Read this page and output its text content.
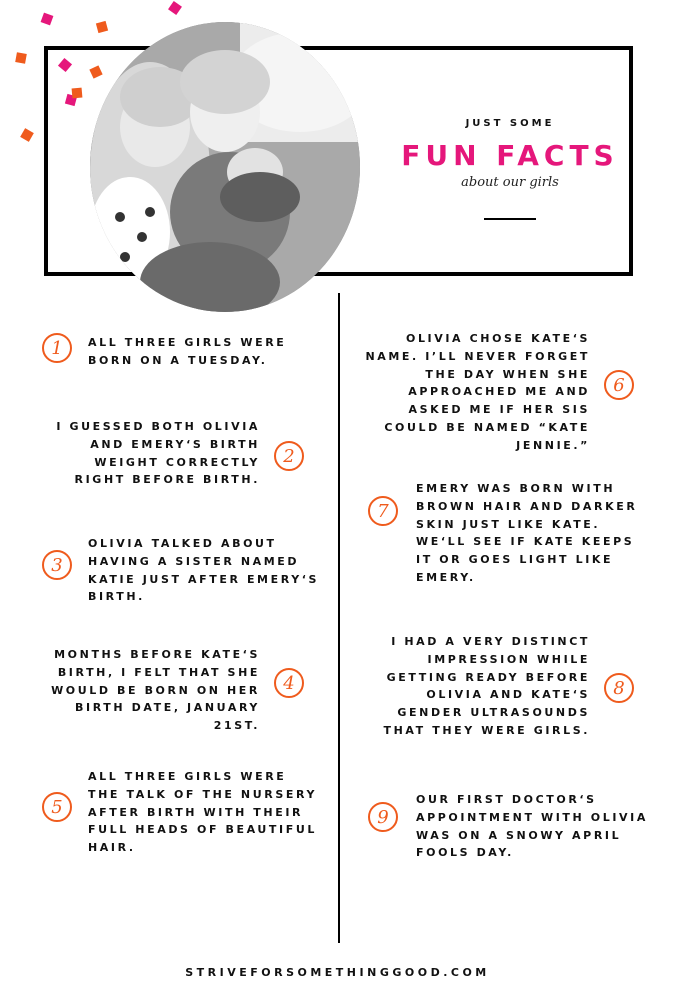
JUST SOME
FUN FACTS
about our girls
1	ALL THREE GIRLS WERE BORN ON A TUESDAY.
2
I GUESSED BOTH OLIVIA AND EMERY‘S BIRTH WEIGHT CORRECTLY RIGHT BEFORE BIRTH.
3
OLIVIA TALKED ABOUT HAVING A SISTER NAMED KATIE JUST AFTER EMERY‘S BIRTH.
4
MONTHS BEFORE KATE‘S BIRTH, I FELT THAT SHE WOULD BE BORN ON HER BIRTH DATE, JANUARY 21ST.
5
ALL THREE GIRLS WERE THE TALK OF THE NURSERY AFTER BIRTH WITH THEIR FULL HEADS OF BEAUTIFUL HAIR.
6
OLIVIA CHOSE KATE‘S NAME. I’LL NEVER FORGET THE DAY WHEN SHE APPROACHED ME AND ASKED ME IF HER SIS COULD BE NAMED “KATE JENNIE.”
7
EMERY WAS BORN WITH BROWN HAIR AND DARKER SKIN JUST LIKE KATE. WE‘LL SEE IF KATE KEEPS IT OR GOES LIGHT LIKE EMERY.
8
I HAD A VERY DISTINCT IMPRESSION WHILE GETTING READY BEFORE OLIVIA AND KATE‘S GENDER ULTRASOUNDS THAT THEY WERE GIRLS.
9
OUR FIRST DOCTOR‘S APPOINTMENT WITH OLIVIA WAS ON A SNOWY APRIL FOOLS DAY.
STRIVEFORSOMETHINGGOOD.COM
